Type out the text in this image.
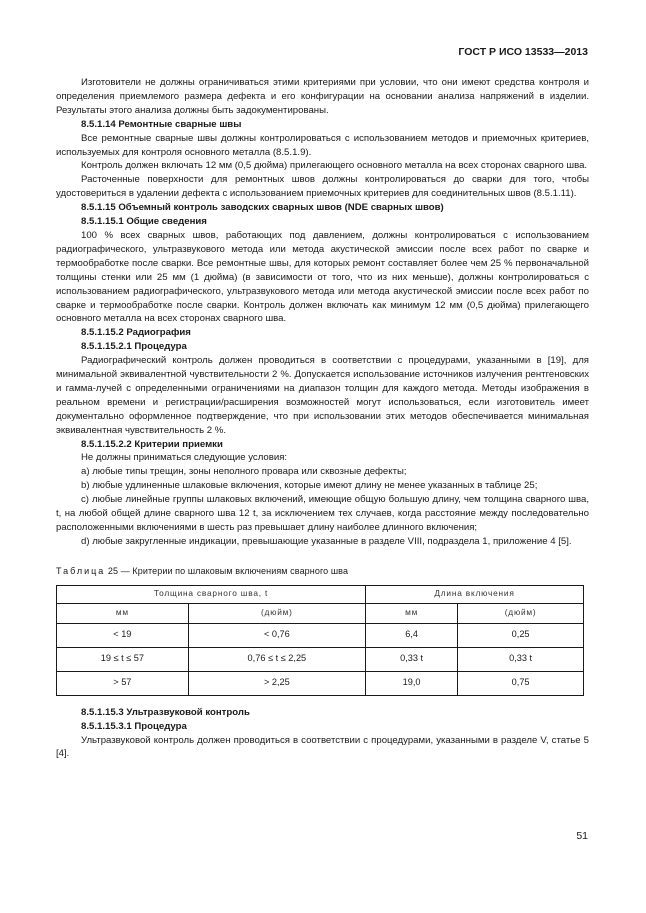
ГОСТ Р ИСО 13533—2013

Изготовители не должны ограничиваться этими критериями при условии, что они имеют средства контроля и определения приемлемого размера дефекта и его конфигурации на основании анализа напряжений в изделии. Результаты этого анализа должны быть задокументированы.

8.5.1.14 Ремонтные сварные швы

Все ремонтные сварные швы должны контролироваться с использованием методов и приемочных критериев, используемых для контроля основного металла (8.5.1.9).

Контроль должен включать 12 мм (0,5 дюйма) прилегающего основного металла на всех сторонах сварного шва.

Расточенные поверхности для ремонтных швов должны контролироваться до сварки для того, чтобы удостовериться в удалении дефекта с использованием приемочных критериев для соединительных швов (8.5.1.11).

8.5.1.15 Объемный контроль заводских сварных швов (NDE сварных швов)

8.5.1.15.1 Общие сведения

100 % всех сварных швов, работающих под давлением, должны контролироваться с использованием радиографического, ультразвукового метода или метода акустической эмиссии после всех работ по сварке и термообработке после сварки. Все ремонтные швы, для которых ремонт составляет более чем 25 % первоначальной толщины стенки или 25 мм (1 дюйма) (в зависимости от того, что из них меньше), должны контролироваться с использованием радиографического, ультразвукового метода или метода акустической эмиссии после всех работ по сварке и термообработке после сварки. Контроль должен включать как минимум 12 мм (0,5 дюйма) прилегающего основного металла на всех сторонах сварного шва.

8.5.1.15.2 Радиография

8.5.1.15.2.1 Процедура

Радиографический контроль должен проводиться в соответствии с процедурами, указанными в [19], для минимальной эквивалентной чувствительности 2 %. Допускается использование источников излучения рентгеновских и гамма-лучей с определенными ограничениями на диапазон толщин для каждого метода. Методы изображения в реальном времени и регистрации/расширения возможностей могут использоваться, если изготовитель имеет документально оформленное подтверждение, что при использовании этих методов обеспечивается минимальная эквивалентная чувствительность 2 %.

8.5.1.15.2.2 Критерии приемки

Не должны приниматься следующие условия:

а) любые типы трещин, зоны неполного провара или сквозные дефекты;

b) любые удлиненные шлаковые включения, которые имеют длину не менее указанных в таблице 25;

с) любые линейные группы шлаковых включений, имеющие общую большую длину, чем толщина сварного шва, t, на любой общей длине сварного шва 12 t, за исключением тех случаев, когда расстояние между последовательно расположенными включениями в шесть раз превышает длину наиболее длинного включения;

d) любые закругленные индикации, превышающие указанные в разделе VIII, подраздела 1, приложение 4 [5].

Таблица 25 — Критерии по шлаковым включениям сварного шва
Толщина сварного шва, t		Длина включения	
мм	(дюйм)	мм	(дюйм)
< 19	< 0,76	6,4	0,25
19 ≤ t ≤ 57	0,76 ≤ t ≤ 2,25	0,33 t	0,33 t
> 57	> 2,25	19,0	0,75

8.5.1.15.3 Ультразвуковой контроль

8.5.1.15.3.1 Процедура

Ультразвуковой контроль должен проводиться в соответствии с процедурами, указанными в разделе V, статье 5 [4].

51
